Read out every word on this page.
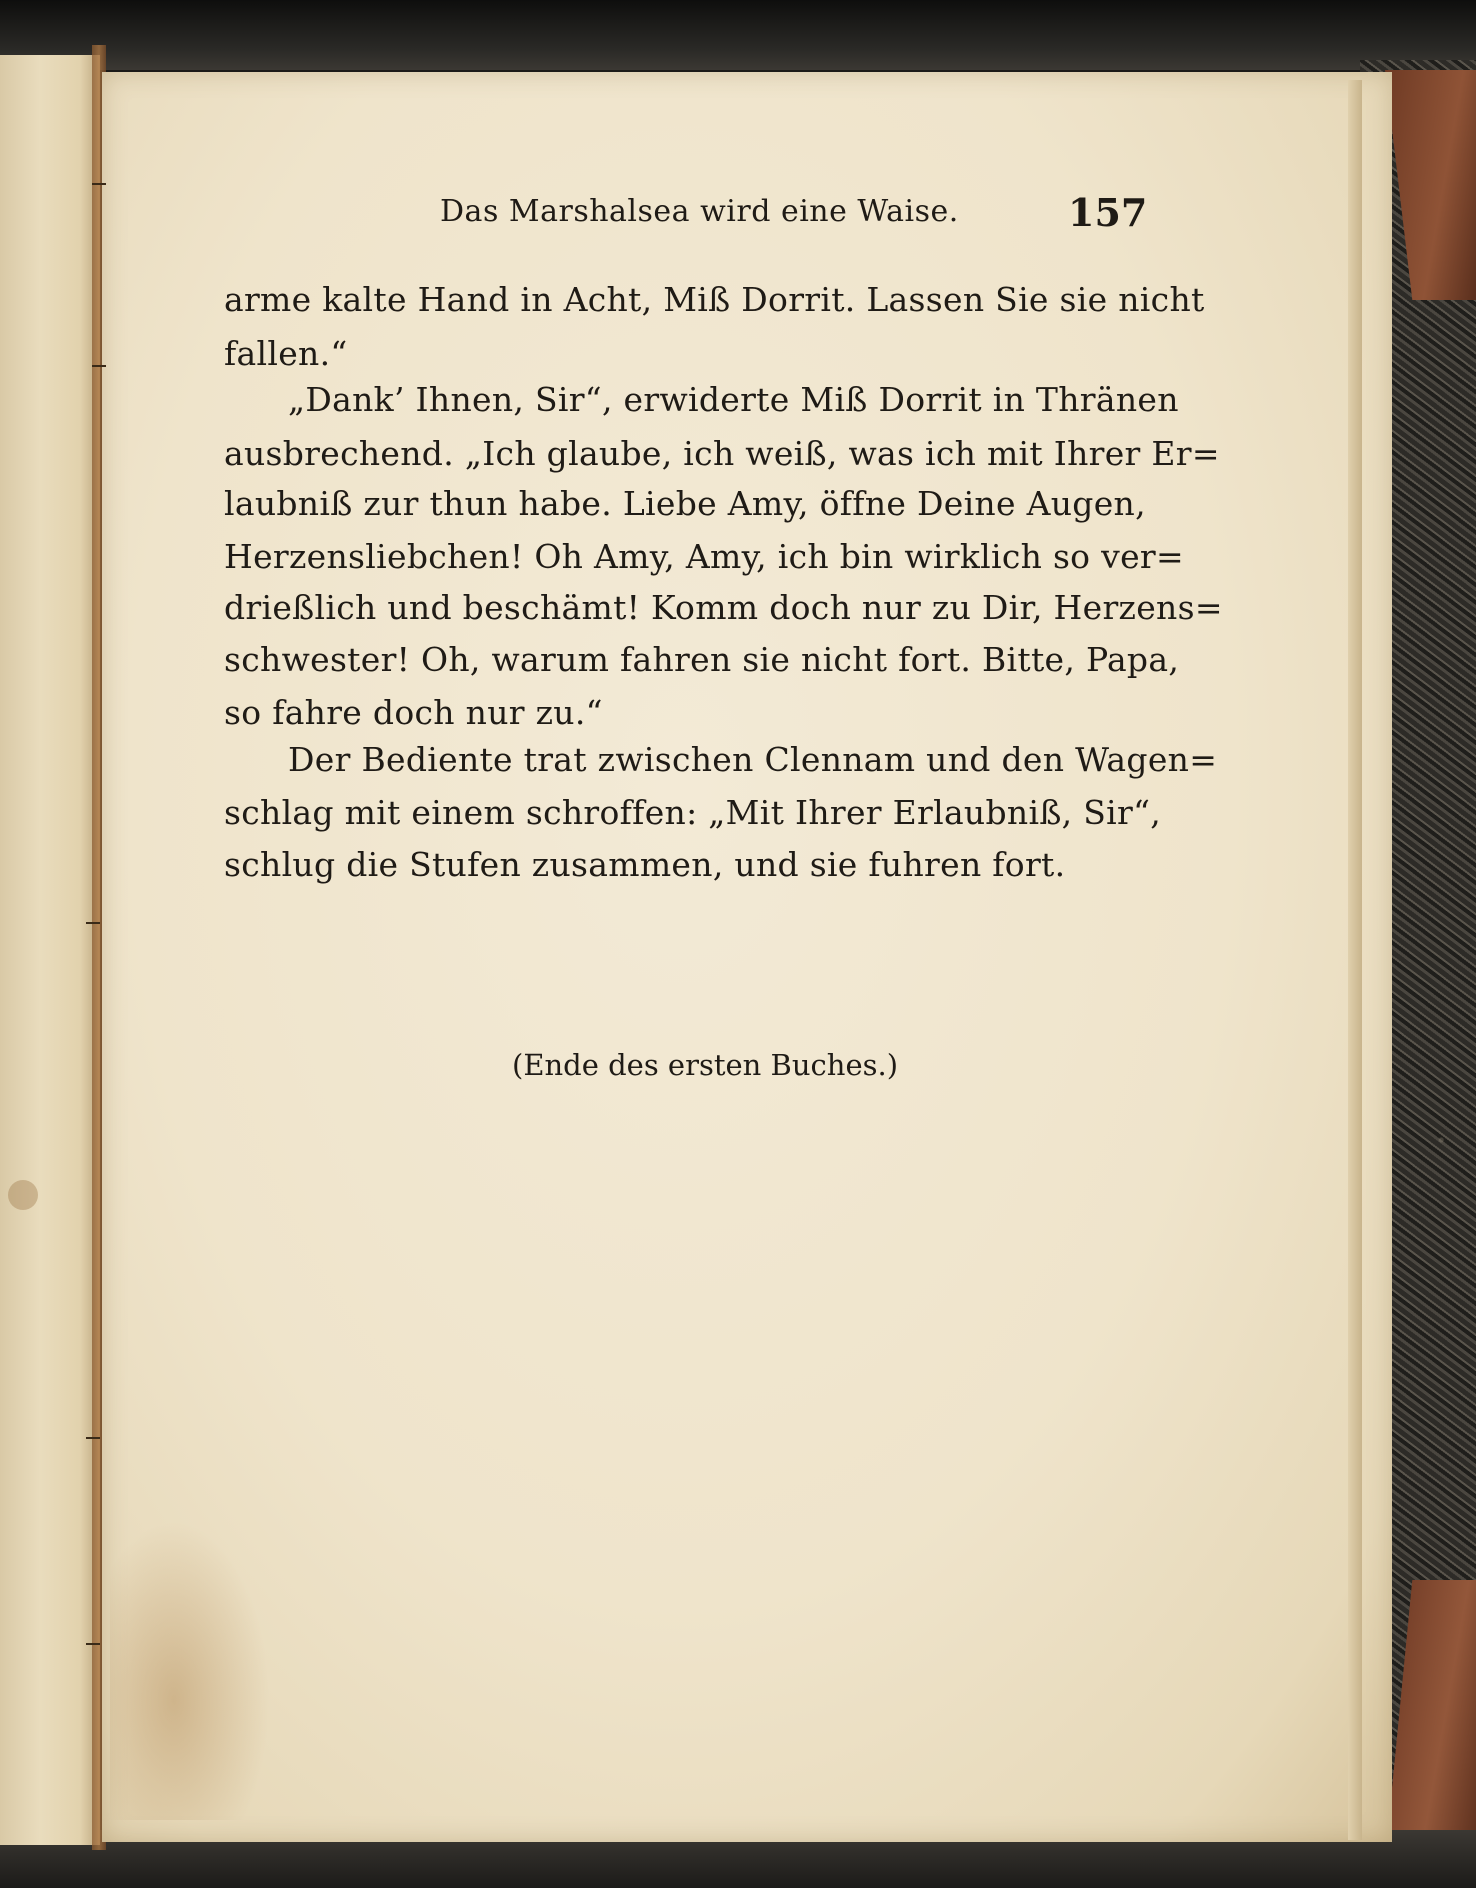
Das Marshalsea wird eine Waise.	157
arme kalte Hand in Acht, Miß Dorrit. Lassen Sie sie nicht
fallen.“
„Dank’ Ihnen, Sir“, erwiderte Miß Dorrit in Thränen
ausbrechend. „Ich glaube, ich weiß, was ich mit Ihrer Er=
laubniß zur thun habe. Liebe Amy, öffne Deine Augen,
Herzensliebchen! Oh Amy, Amy, ich bin wirklich so ver=
drießlich und beschämt! Komm doch nur zu Dir, Herzens=
schwester! Oh, warum fahren sie nicht fort. Bitte, Papa,
so fahre doch nur zu.“
Der Bediente trat zwischen Clennam und den Wagen=
schlag mit einem schroffen: „Mit Ihrer Erlaubniß, Sir“,
schlug die Stufen zusammen, und sie fuhren fort.
(Ende des ersten Buches.)
